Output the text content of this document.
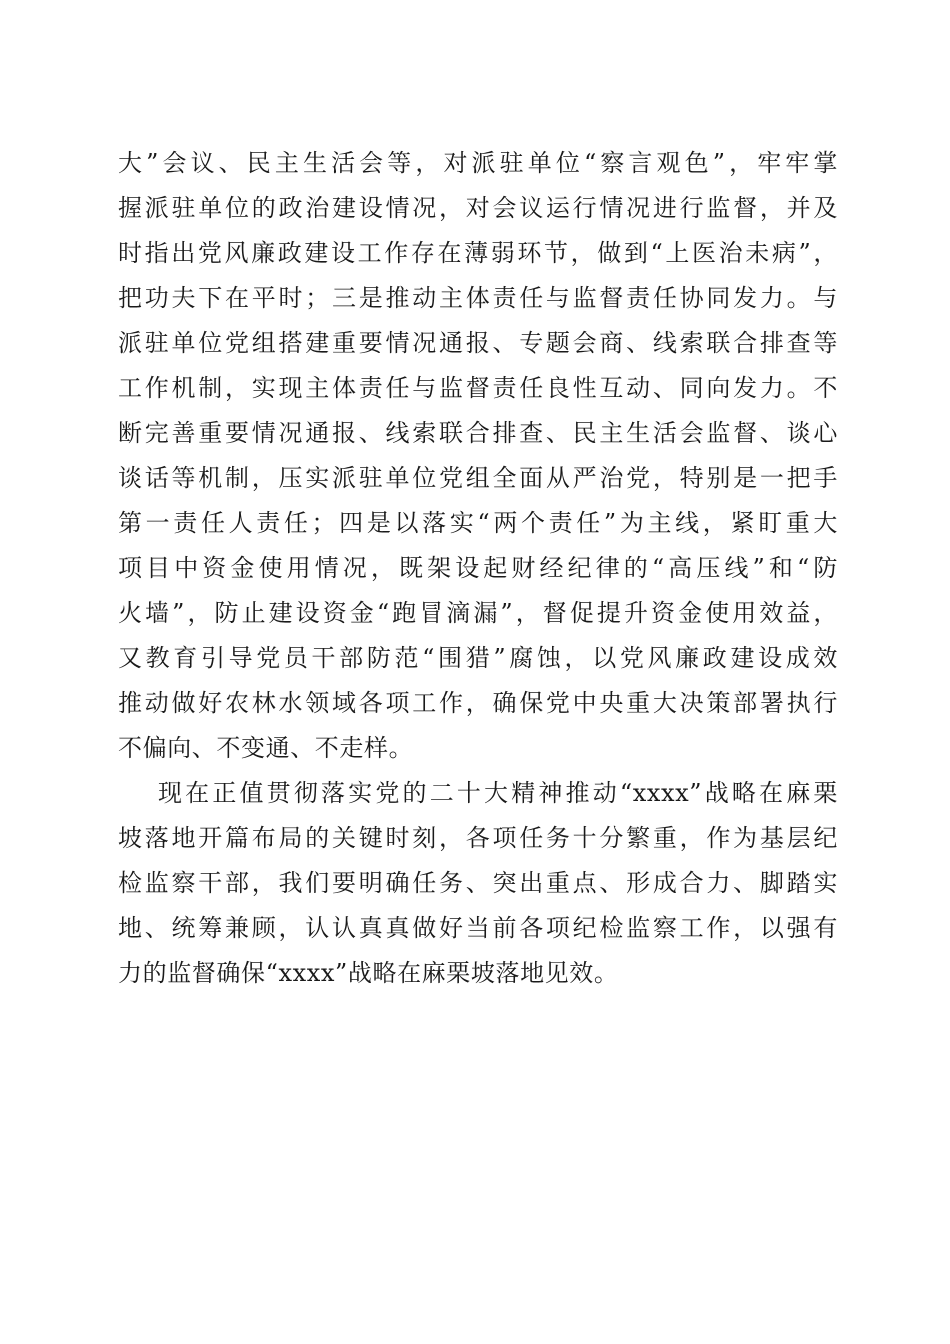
大”会议、民主生活会等，对派驻单位“察言观色”，牢牢掌
握派驻单位的政治建设情况，对会议运行情况进行监督，并及
时指出党风廉政建设工作存在薄弱环节，做到“上医治未病”，
把功夫下在平时；三是推动主体责任与监督责任协同发力。与
派驻单位党组搭建重要情况通报、专题会商、线索联合排查等
工作机制，实现主体责任与监督责任良性互动、同向发力。不
断完善重要情况通报、线索联合排查、民主生活会监督、谈心
谈话等机制，压实派驻单位党组全面从严治党，特别是一把手
第一责任人责任；四是以落实“两个责任”为主线，紧盯重大
项目中资金使用情况，既架设起财经纪律的“高压线”和“防
火墙”，防止建设资金“跑冒滴漏”，督促提升资金使用效益，
又教育引导党员干部防范“围猎”腐蚀，以党风廉政建设成效
推动做好农林水领域各项工作，确保党中央重大决策部署执行
不偏向、不变通、不走样。
现在正值贯彻落实党的二十大精神推动“xxxx”战略在麻栗
坡落地开篇布局的关键时刻，各项任务十分繁重，作为基层纪
检监察干部，我们要明确任务、突出重点、形成合力、脚踏实
地、统筹兼顾，认认真真做好当前各项纪检监察工作，以强有
力的监督确保“xxxx”战略在麻栗坡落地见效。
